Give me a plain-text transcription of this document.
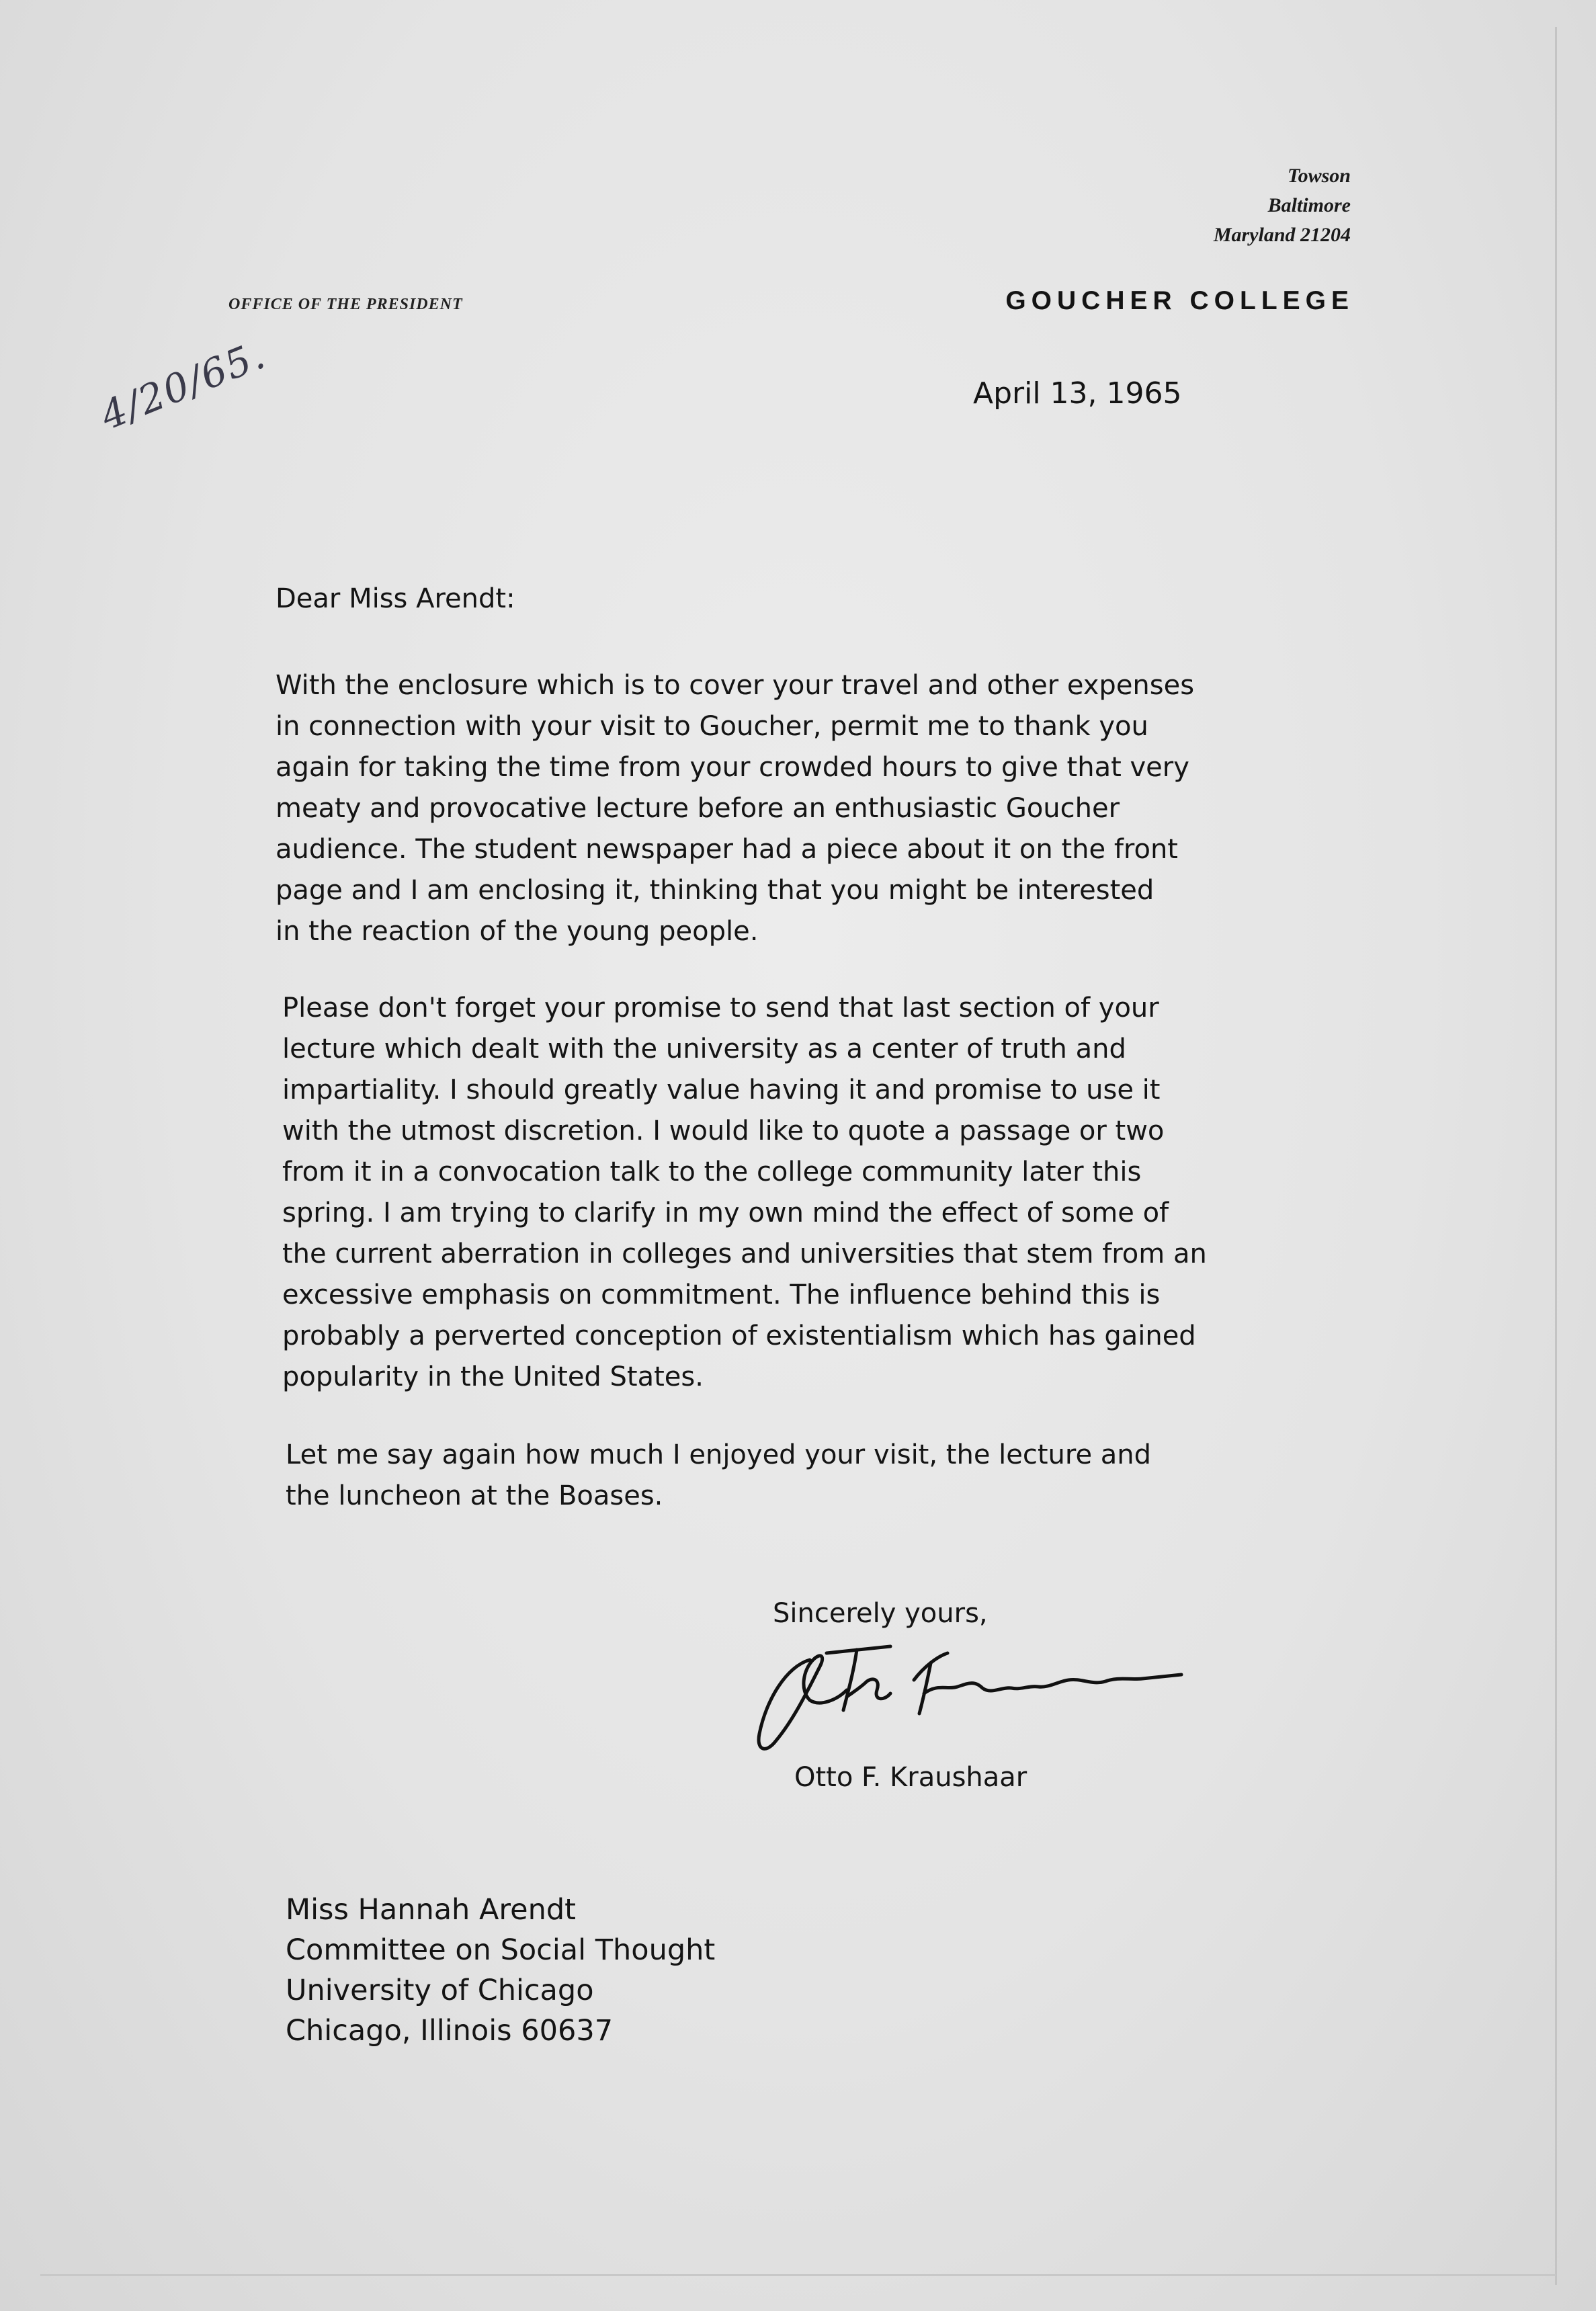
Towson
Baltimore
Maryland 21204
OFFICE OF THE PRESIDENT	GOUCHER COLLEGE
4/20/65.	April 13, 1965
Dear Miss Arendt:
With the enclosure which is to cover your travel and other expenses
in connection with your visit to Goucher, permit me to thank you
again for taking the time from your crowded hours to give that very
meaty and provocative lecture before an enthusiastic Goucher
audience. The student newspaper had a piece about it on the front
page and I am enclosing it, thinking that you might be interested
in the reaction of the young people.
Please don't forget your promise to send that last section of your
lecture which dealt with the university as a center of truth and
impartiality. I should greatly value having it and promise to use it
with the utmost discretion. I would like to quote a passage or two
from it in a convocation talk to the college community later this
spring. I am trying to clarify in my own mind the effect of some of
the current aberration in colleges and universities that stem from an
excessive emphasis on commitment. The influence behind this is
probably a perverted conception of existentialism which has gained
popularity in the United States.
Let me say again how much I enjoyed your visit, the lecture and
the luncheon at the Boases.
Sincerely yours,
Otto F. Kraushaar
Miss Hannah Arendt
Committee on Social Thought
University of Chicago
Chicago, Illinois 60637
